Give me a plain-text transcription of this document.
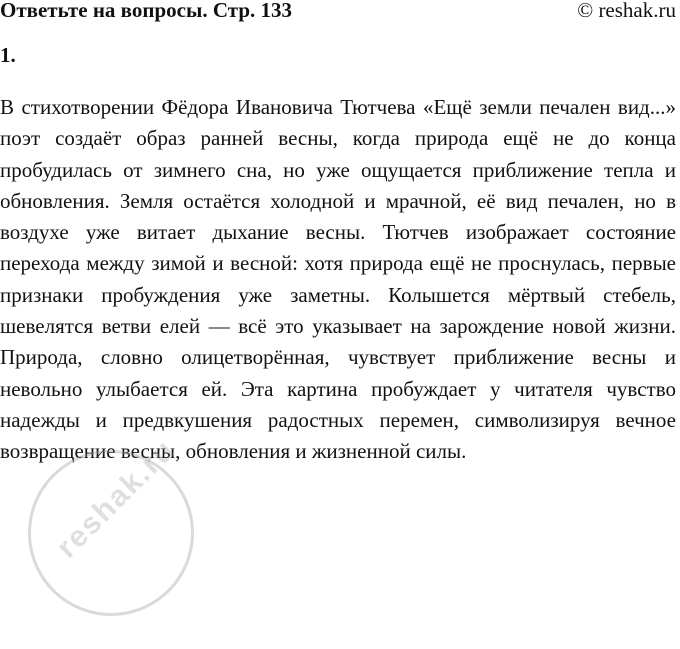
Ответьте на вопросы. Стр. 133	© reshak.ru
1.

В стихотворении Фёдора Ивановича Тютчева «Ещё земли печален вид...» поэт создаёт образ ранней весны, когда природа ещё не до конца пробудилась от зимнего сна, но уже ощущается приближение тепла и обновления. Земля остаётся холодной и мрачной, её вид печален, но в воздухе уже витает дыхание весны. Тютчев изображает состояние перехода между зимой и весной: хотя природа ещё не проснулась, первые признаки пробуждения уже заметны. Колышется мёртвый стебель, шевелятся ветви елей — всё это указывает на зарождение новой жизни. Природа, словно олицетворённая, чувствует приближение весны и невольно улыбается ей. Эта картина пробуждает у читателя чувство надежды и предвкушения радостных перемен, символизируя вечное возвращение весны, обновления и жизненной силы.

reshak.ru
